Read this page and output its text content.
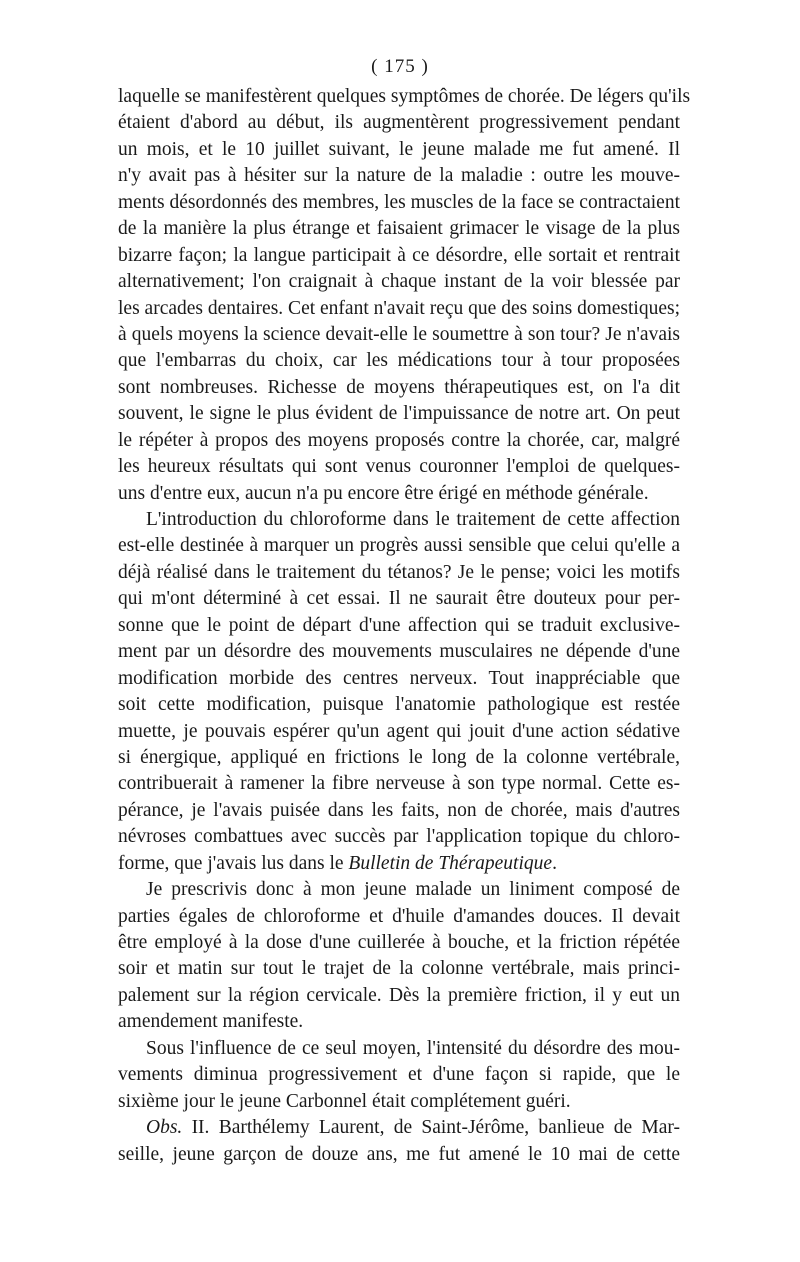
( 175 )
laquelle se manifestèrent quelques symptômes de chorée. De légers qu'ils
étaient d'abord au début, ils augmentèrent progressivement pendant
un mois, et le 10 juillet suivant, le jeune malade me fut amené. Il
n'y avait pas à hésiter sur la nature de la maladie : outre les mouve-
ments désordonnés des membres, les muscles de la face se contractaient
de la manière la plus étrange et faisaient grimacer le visage de la plus
bizarre façon; la langue participait à ce désordre, elle sortait et rentrait
alternativement; l'on craignait à chaque instant de la voir blessée par
les arcades dentaires. Cet enfant n'avait reçu que des soins domestiques;
à quels moyens la science devait-elle le soumettre à son tour? Je n'avais
que l'embarras du choix, car les médications tour à tour proposées
sont nombreuses. Richesse de moyens thérapeutiques est, on l'a dit
souvent, le signe le plus évident de l'impuissance de notre art. On peut
le répéter à propos des moyens proposés contre la chorée, car, malgré
les heureux résultats qui sont venus couronner l'emploi de quelques-
uns d'entre eux, aucun n'a pu encore être érigé en méthode générale.
L'introduction du chloroforme dans le traitement de cette affection
est-elle destinée à marquer un progrès aussi sensible que celui qu'elle a
déjà réalisé dans le traitement du tétanos? Je le pense; voici les motifs
qui m'ont déterminé à cet essai. Il ne saurait être douteux pour per-
sonne que le point de départ d'une affection qui se traduit exclusive-
ment par un désordre des mouvements musculaires ne dépende d'une
modification morbide des centres nerveux. Tout inappréciable que
soit cette modification, puisque l'anatomie pathologique est restée
muette, je pouvais espérer qu'un agent qui jouit d'une action sédative
si énergique, appliqué en frictions le long de la colonne vertébrale,
contribuerait à ramener la fibre nerveuse à son type normal. Cette es-
pérance, je l'avais puisée dans les faits, non de chorée, mais d'autres
névroses combattues avec succès par l'application topique du chloro-
forme, que j'avais lus dans le Bulletin de Thérapeutique.
Je prescrivis donc à mon jeune malade un liniment composé de
parties égales de chloroforme et d'huile d'amandes douces. Il devait
être employé à la dose d'une cuillerée à bouche, et la friction répétée
soir et matin sur tout le trajet de la colonne vertébrale, mais princi-
palement sur la région cervicale. Dès la première friction, il y eut un
amendement manifeste.
Sous l'influence de ce seul moyen, l'intensité du désordre des mou-
vements diminua progressivement et d'une façon si rapide, que le
sixième jour le jeune Carbonnel était complétement guéri.
Obs. II. Barthélemy Laurent, de Saint-Jérôme, banlieue de Mar-
seille, jeune garçon de douze ans, me fut amené le 10 mai de cette
